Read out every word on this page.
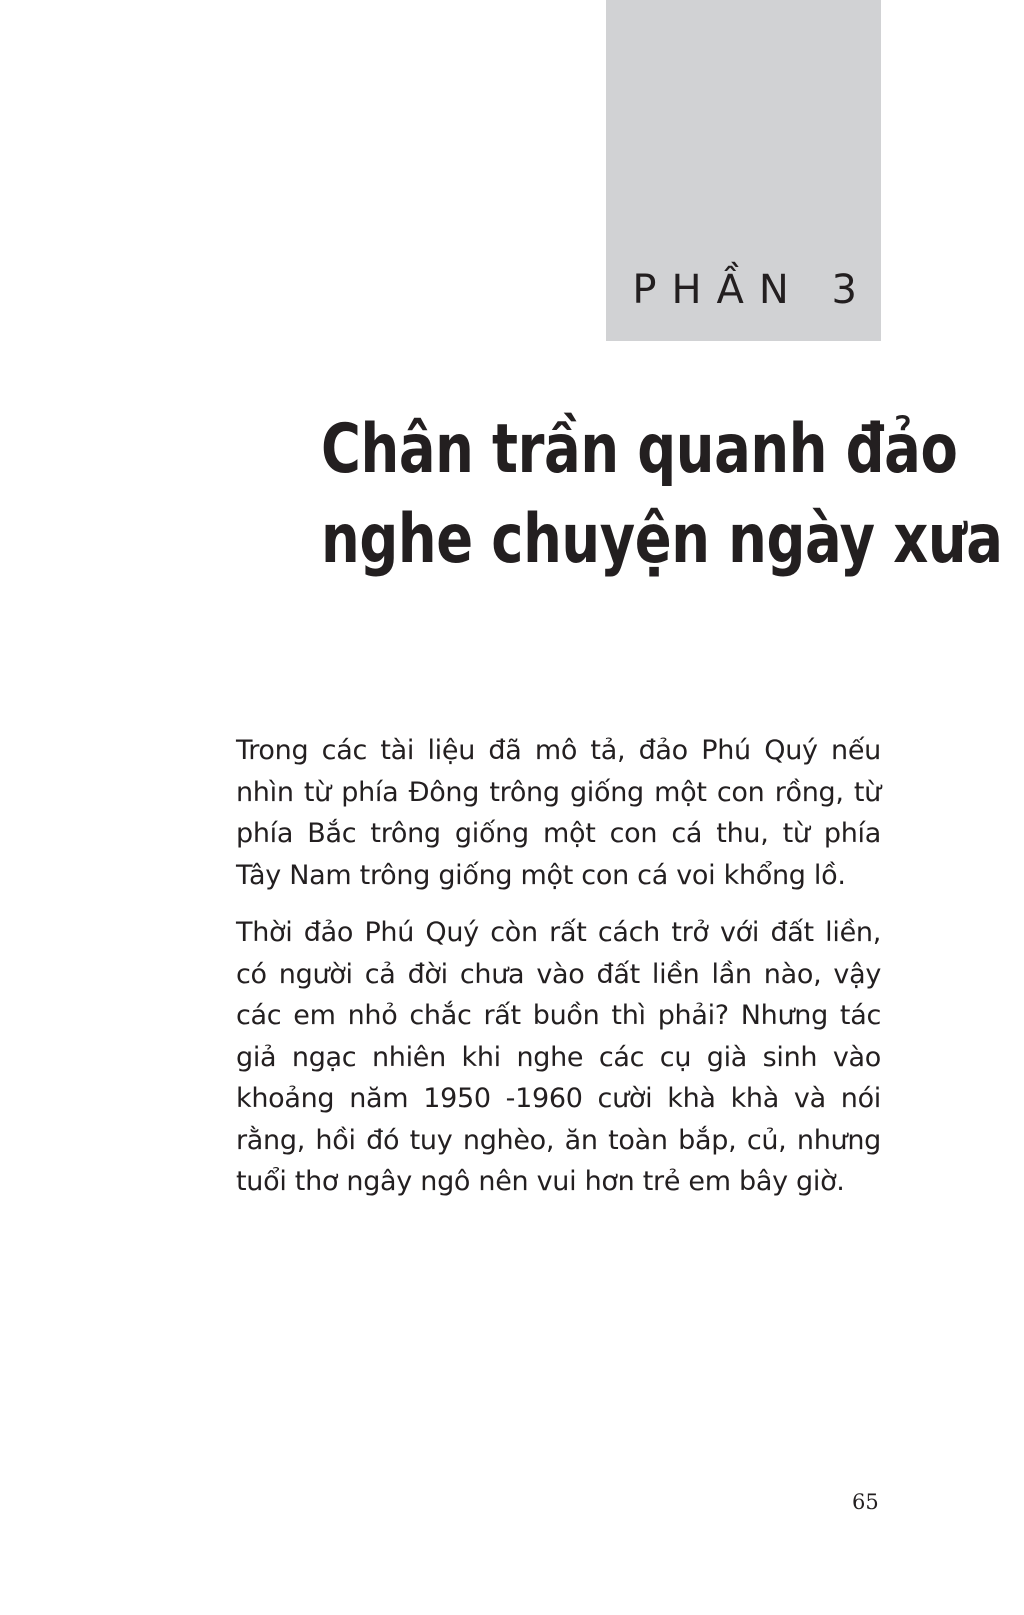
PHẦN 3
Chân trần quanh đảo
nghe chuyện ngày xưa

Trong các tài liệu đã mô tả, đảo Phú Quý nếu nhìn từ phía Đông trông giống một con rồng, từ phía Bắc trông giống một con cá thu, từ phía Tây Nam trông giống một con cá voi khổng lồ.

Thời đảo Phú Quý còn rất cách trở với đất liền, có người cả đời chưa vào đất liền lần nào, vậy các em nhỏ chắc rất buồn thì phải? Nhưng tác giả ngạc nhiên khi nghe các cụ già sinh vào khoảng năm 1950 -1960 cười khà khà và nói rằng, hồi đó tuy nghèo, ăn toàn bắp, củ, nhưng tuổi thơ ngây ngô nên vui hơn trẻ em bây giờ.

65
